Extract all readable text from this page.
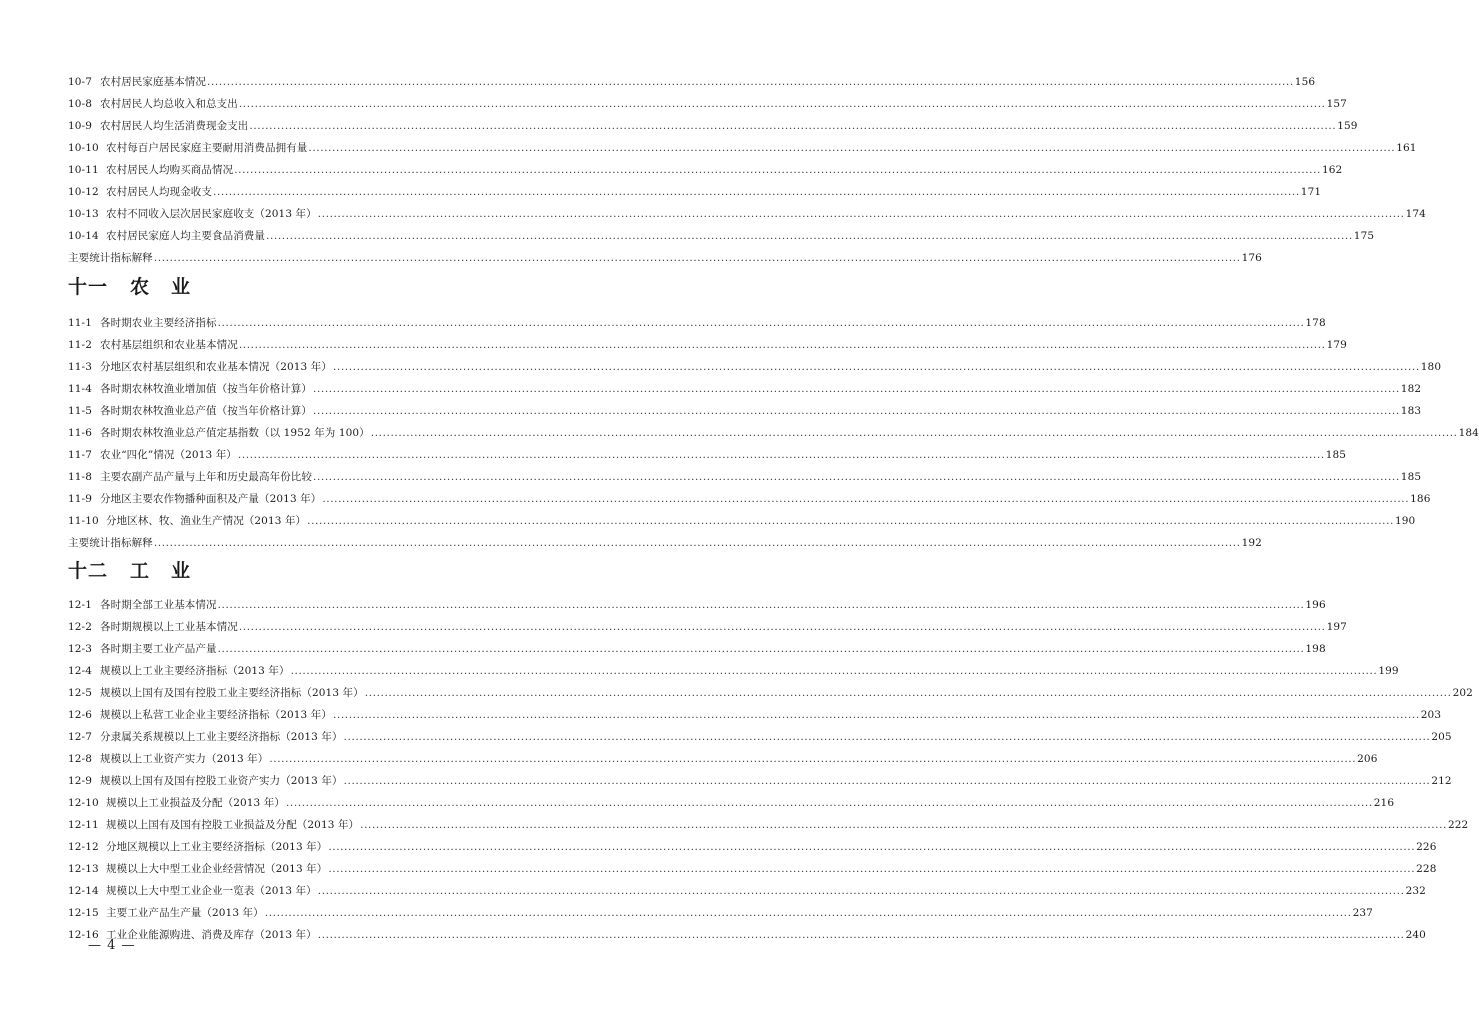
10-7 农村居民家庭基本情况 .....	156
10-8 农村居民人均总收入和总支出 .....	157
10-9 农村居民人均生活消费现金支出 .....	159
10-10 农村每百户居民家庭主要耐用消费品拥有量 .....	161
10-11 农村居民人均购买商品情况 .....	162
10-12 农村居民人均现金收支 .....	171
10-13 农村不同收入层次居民家庭收支（2013 年） .....	174
10-14 农村居民家庭人均主要食品消费量 .....	175
主要统计指标解释 .....	176
十一 农业
11-1 各时期农业主要经济指标 .....	178
11-2 农村基层组织和农业基本情况 .....	179
11-3 分地区农村基层组织和农业基本情况（2013 年） .....	180
11-4 各时期农林牧渔业增加值（按当年价格计算） .....	182
11-5 各时期农林牧渔业总产值（按当年价格计算） .....	183
11-6 各时期农林牧渔业总产值定基指数（以 1952 年为 100） .....	184
11-7 农业“四化”情况（2013 年） .....	185
11-8 主要农副产品产量与上年和历史最高年份比较 .....	185
11-9 分地区主要农作物播种面积及产量（2013 年） .....	186
11-10 分地区林、牧、渔业生产情况（2013 年） .....	190
主要统计指标解释 .....	192
十二 工业
12-1 各时期全部工业基本情况 .....	196
12-2 各时期规模以上工业基本情况 .....	197
12-3 各时期主要工业产品产量 .....	198
12-4 规模以上工业主要经济指标（2013 年） .....	199
12-5 规模以上国有及国有控股工业主要经济指标（2013 年） .....	202
12-6 规模以上私营工业企业主要经济指标（2013 年） .....	203
12-7 分隶属关系规模以上工业主要经济指标（2013 年） .....	205
12-8 规模以上工业资产实力（2013 年） .....	206
12-9 规模以上国有及国有控股工业资产实力（2013 年） .....	212
12-10 规模以上工业损益及分配（2013 年） .....	216
12-11 规模以上国有及国有控股工业损益及分配（2013 年） .....	222
12-12 分地区规模以上工业主要经济指标（2013 年） .....	226
12-13 规模以上大中型工业企业经营情况（2013 年） .....	228
12-14 规模以上大中型工业企业一览表（2013 年） .....	232
12-15 主要工业产品生产量（2013 年） .....	237
12-16 工业企业能源购进、消费及库存（2013 年） .....	240
— 4 —
